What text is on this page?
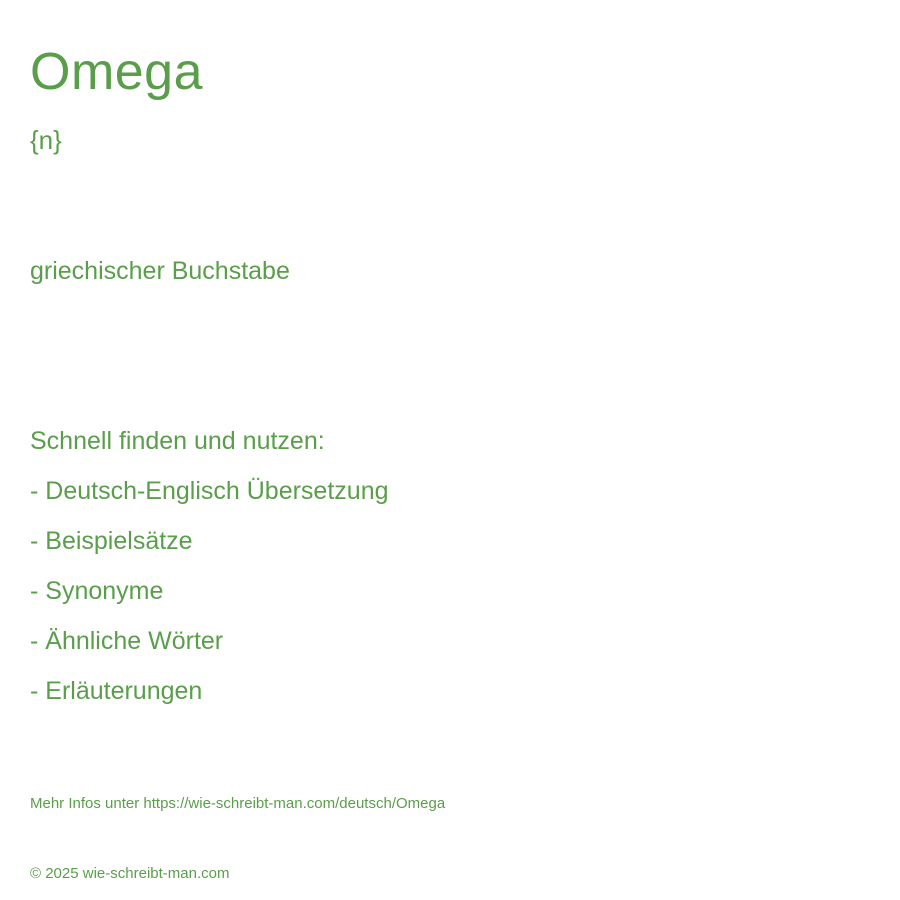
Omega
{n}
griechischer Buchstabe
Schnell finden und nutzen:
- Deutsch-Englisch Übersetzung
- Beispielsätze
- Synonyme
- Ähnliche Wörter
- Erläuterungen
Mehr Infos unter https://wie-schreibt-man.com/deutsch/Omega
© 2025 wie-schreibt-man.com
